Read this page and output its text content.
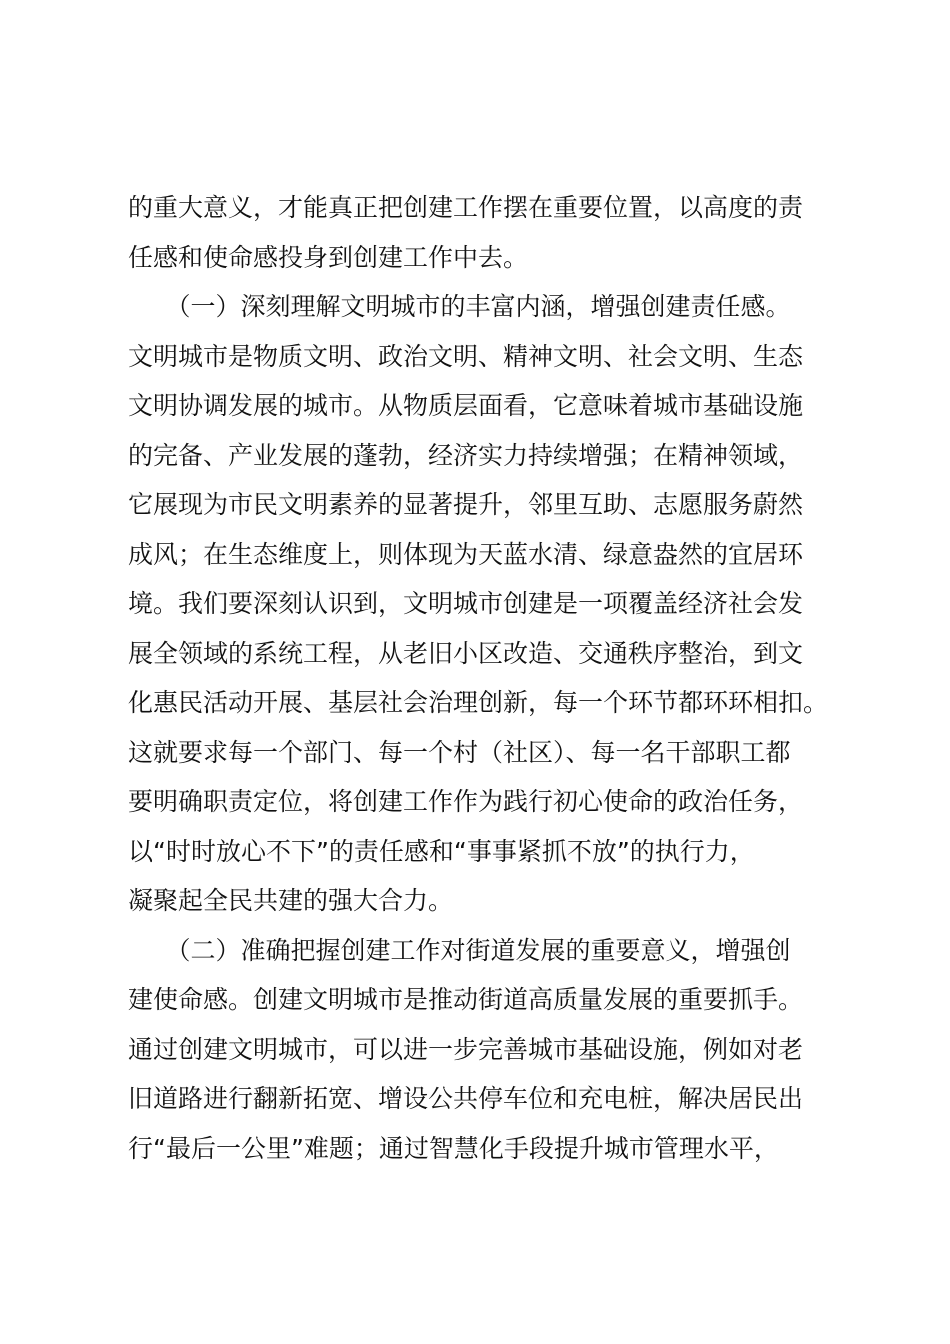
的重大意义，才能真正把创建工作摆在重要位置，以高度的责
任感和使命感投身到创建工作中去。
　　（一）深刻理解文明城市的丰富内涵，增强创建责任感。
文明城市是物质文明、政治文明、精神文明、社会文明、生态
文明协调发展的城市。从物质层面看，它意味着城市基础设施
的完备、产业发展的蓬勃，经济实力持续增强；在精神领域，
它展现为市民文明素养的显著提升，邻里互助、志愿服务蔚然
成风；在生态维度上，则体现为天蓝水清、绿意盎然的宜居环
境。我们要深刻认识到，文明城市创建是一项覆盖经济社会发
展全领域的系统工程，从老旧小区改造、交通秩序整治，到文
化惠民活动开展、基层社会治理创新，每一个环节都环环相扣。
这就要求每一个部门、每一个村（社区）、每一名干部职工都
要明确职责定位，将创建工作作为践行初心使命的政治任务，
以“时时放心不下”的责任感和“事事紧抓不放”的执行力，
凝聚起全民共建的强大合力。
　　（二）准确把握创建工作对街道发展的重要意义，增强创
建使命感。创建文明城市是推动街道高质量发展的重要抓手。
通过创建文明城市，可以进一步完善城市基础设施，例如对老
旧道路进行翻新拓宽、增设公共停车位和充电桩，解决居民出
行“最后一公里”难题；通过智慧化手段提升城市管理水平，
